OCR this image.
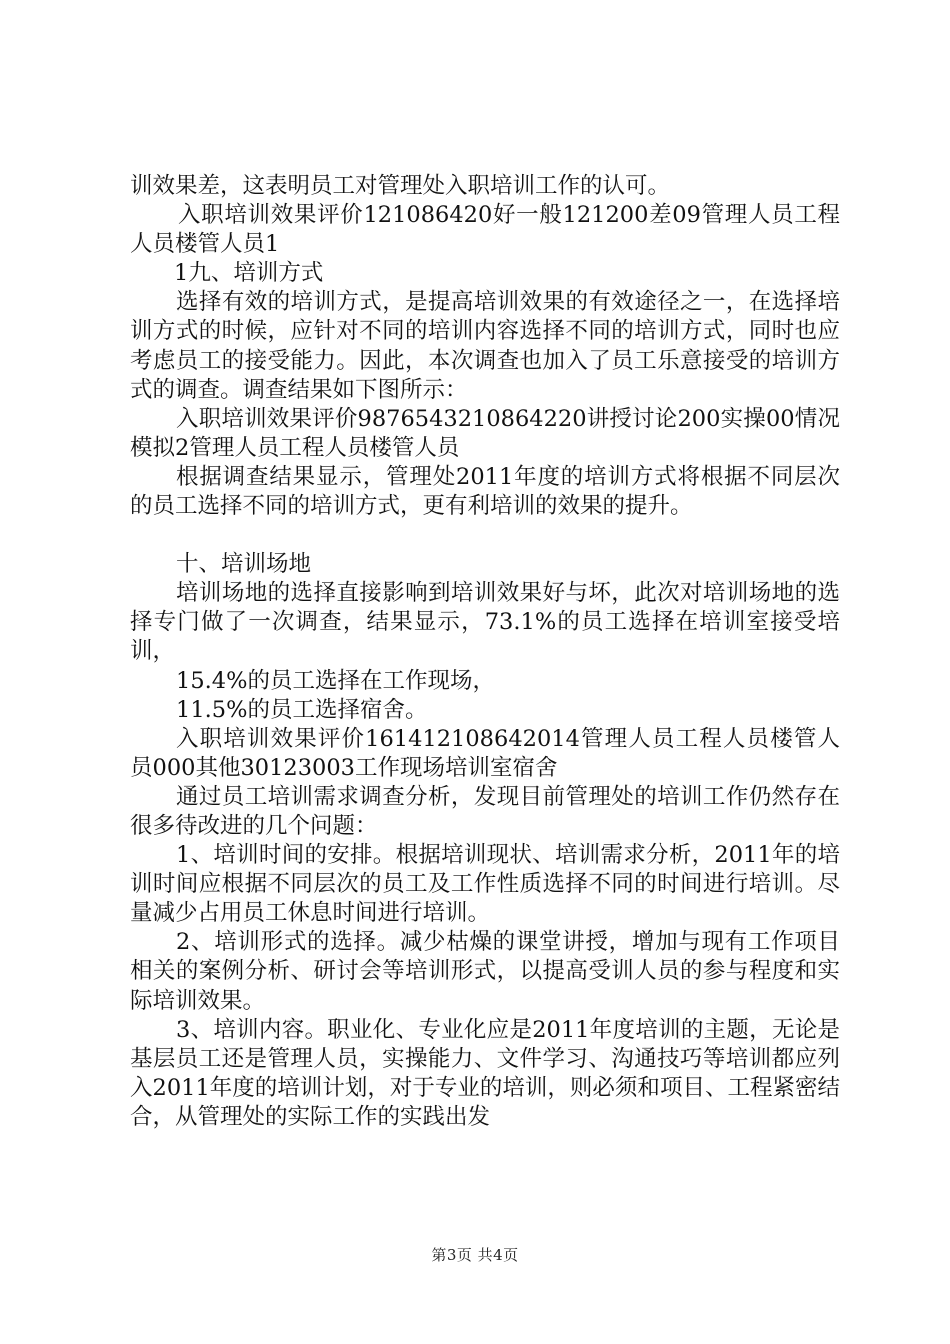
训效果差，这表明员工对管理处入职培训工作的认可。

入职培训效果评价121086420好一般121200差09管理人员工程人员楼管人员1

1九、培训方式

选择有效的培训方式，是提高培训效果的有效途径之一，在选择培训方式的时候，应针对不同的培训内容选择不同的培训方式，同时也应考虑员工的接受能力。因此，本次调查也加入了员工乐意接受的培训方式的调查。调查结果如下图所示：

入职培训效果评价9876543210864220讲授讨论200实操00情况模拟2管理人员工程人员楼管人员

根据调查结果显示，管理处2011年度的培训方式将根据不同层次的员工选择不同的培训方式，更有利培训的效果的提升。

十、培训场地

培训场地的选择直接影响到培训效果好与坏，此次对培训场地的选择专门做了一次调查，结果显示，73.1%的员工选择在培训室接受培训，

15.4%的员工选择在工作现场，

11.5%的员工选择宿舍。

入职培训效果评价161412108642014管理人员工程人员楼管人员000其他30123003工作现场培训室宿舍

通过员工培训需求调查分析，发现目前管理处的培训工作仍然存在很多待改进的几个问题：

1、培训时间的安排。根据培训现状、培训需求分析，2011年的培训时间应根据不同层次的员工及工作性质选择不同的时间进行培训。尽量减少占用员工休息时间进行培训。

2、培训形式的选择。减少枯燥的课堂讲授，增加与现有工作项目相关的案例分析、研讨会等培训形式，以提高受训人员的参与程度和实际培训效果。

3、培训内容。职业化、专业化应是2011年度培训的主题，无论是基层员工还是管理人员，实操能力、文件学习、沟通技巧等培训都应列入2011年度的培训计划，对于专业的培训，则必须和项目、工程紧密结合，从管理处的实际工作的实践出发

第3页 共4页
